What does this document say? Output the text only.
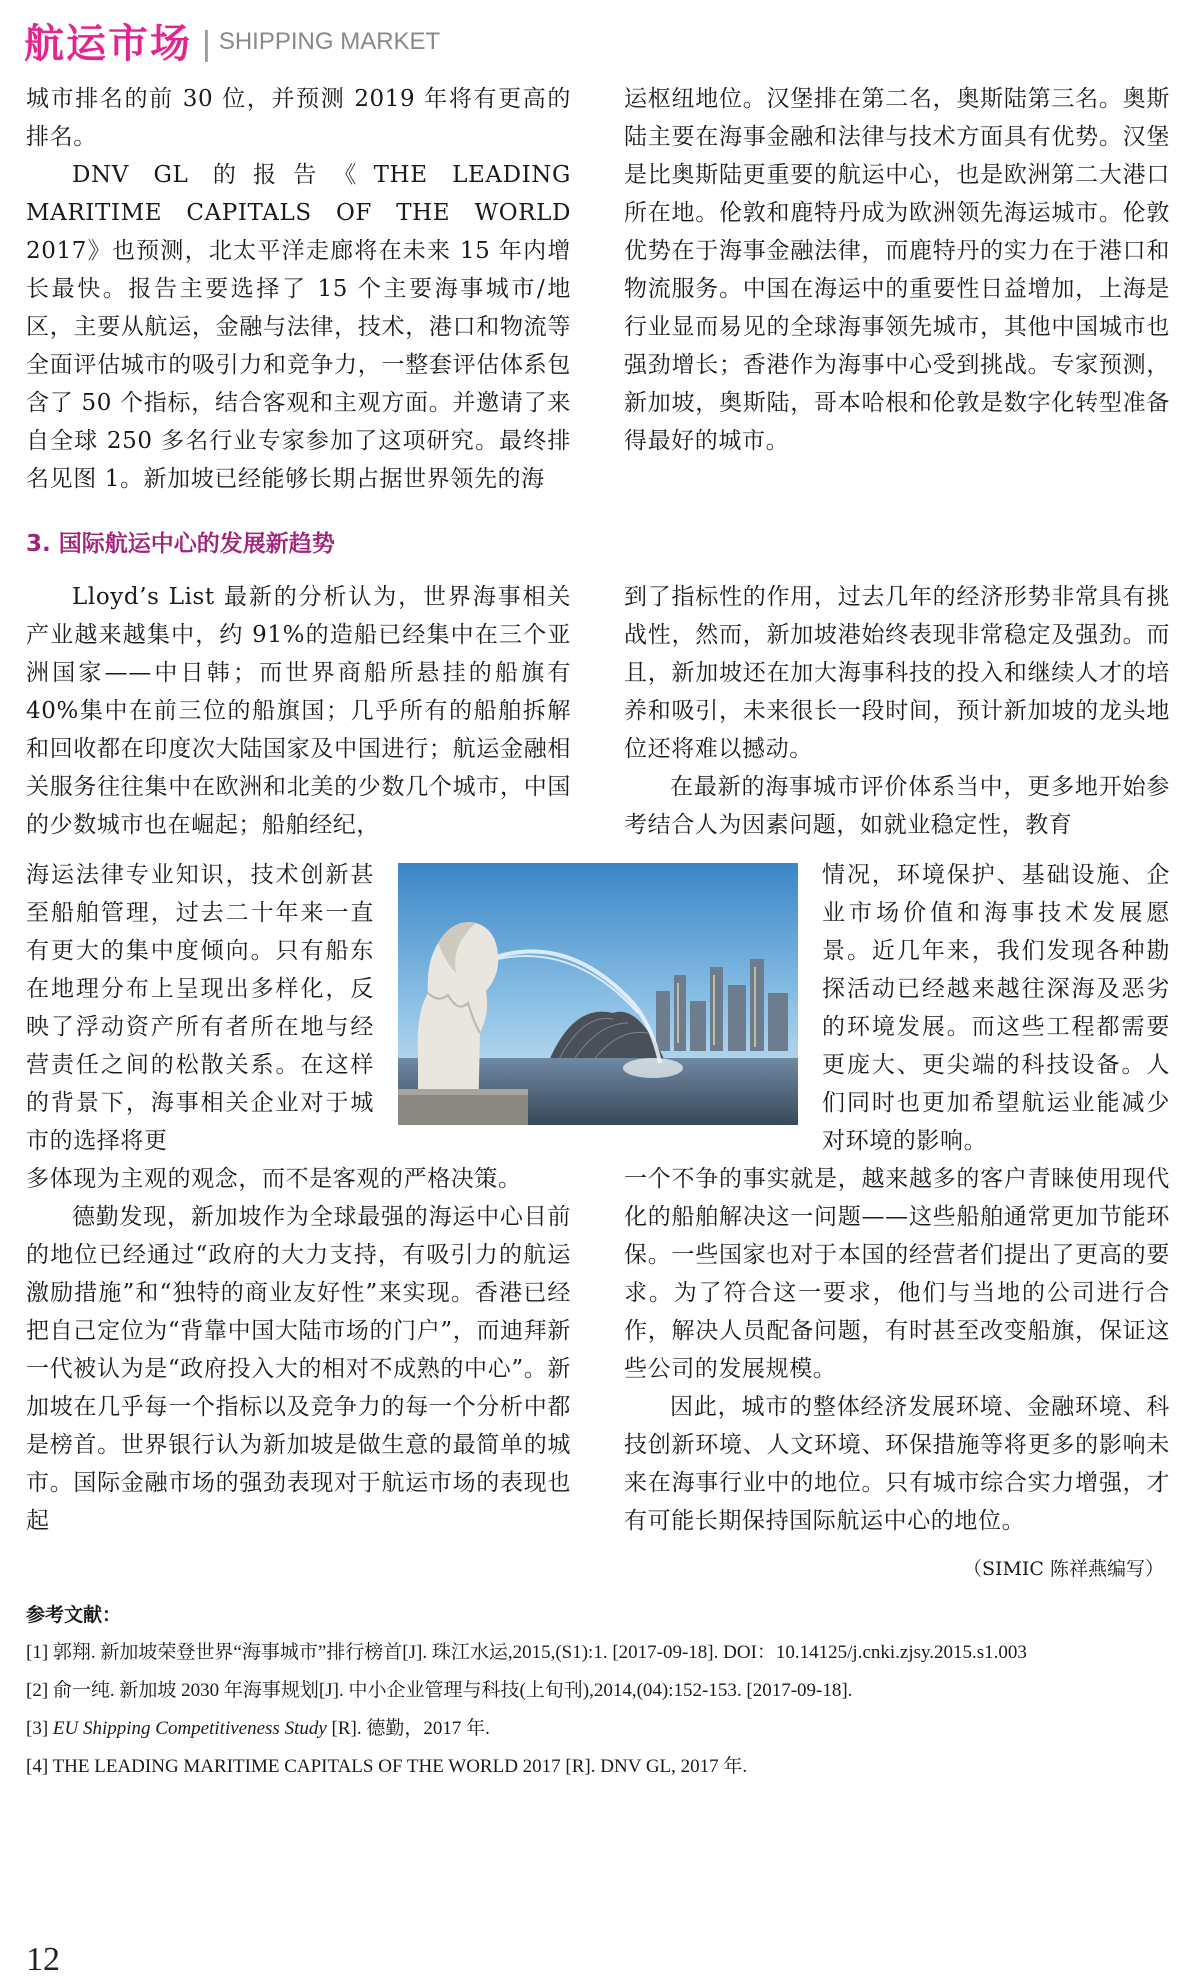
航运市场 | SHIPPING MARKET

城市排名的前 30 位，并预测 2019 年将有更高的排名。

DNV GL 的报告《THE LEADING MARITIME CAPITALS OF THE WORLD 2017》也预测，北太平洋走廊将在未来 15 年内增长最快。报告主要选择了 15 个主要海事城市/地区，主要从航运，金融与法律，技术，港口和物流等全面评估城市的吸引力和竞争力，一整套评估体系包含了 50 个指标，结合客观和主观方面。并邀请了来自全球 250 多名行业专家参加了这项研究。最终排名见图 1。新加坡已经能够长期占据世界领先的海

运枢纽地位。汉堡排在第二名，奥斯陆第三名。奥斯陆主要在海事金融和法律与技术方面具有优势。汉堡是比奥斯陆更重要的航运中心，也是欧洲第二大港口所在地。伦敦和鹿特丹成为欧洲领先海运城市。伦敦优势在于海事金融法律，而鹿特丹的实力在于港口和物流服务。中国在海运中的重要性日益增加，上海是行业显而易见的全球海事领先城市，其他中国城市也强劲增长；香港作为海事中心受到挑战。专家预测，新加坡，奥斯陆，哥本哈根和伦敦是数字化转型准备得最好的城市。

3. 国际航运中心的发展新趋势

Lloyd’s List 最新的分析认为，世界海事相关产业越来越集中，约 91%的造船已经集中在三个亚洲国家——中日韩；而世界商船所悬挂的船旗有 40%集中在前三位的船旗国；几乎所有的船舶拆解和回收都在印度次大陆国家及中国进行；航运金融相关服务往往集中在欧洲和北美的少数几个城市，中国的少数城市也在崛起；船舶经纪，

海运法律专业知识，技术创新甚至船舶管理，过去二十年来一直有更大的集中度倾向。只有船东在地理分布上呈现出多样化，反映了浮动资产所有者所在地与经营责任之间的松散关系。在这样的背景下，海事相关企业对于城市的选择将更

多体现为主观的观念，而不是客观的严格决策。

德勤发现，新加坡作为全球最强的海运中心目前的地位已经通过“政府的大力支持，有吸引力的航运激励措施”和“独特的商业友好性”来实现。香港已经把自己定位为“背靠中国大陆市场的门户”，而迪拜新一代被认为是“政府投入大的相对不成熟的中心”。新加坡在几乎每一个指标以及竞争力的每一个分析中都是榜首。世界银行认为新加坡是做生意的最简单的城市。国际金融市场的强劲表现对于航运市场的表现也起

到了指标性的作用，过去几年的经济形势非常具有挑战性，然而，新加坡港始终表现非常稳定及强劲。而且，新加坡还在加大海事科技的投入和继续人才的培养和吸引，未来很长一段时间，预计新加坡的龙头地位还将难以撼动。

在最新的海事城市评价体系当中，更多地开始参考结合人为因素问题，如就业稳定性，教育

情况，环境保护、基础设施、企业市场价值和海事技术发展愿景。近几年来，我们发现各种勘探活动已经越来越往深海及恶劣的环境发展。而这些工程都需要更庞大、更尖端的科技设备。人们同时也更加希望航运业能减少对环境的影响。

一个不争的事实就是，越来越多的客户青睐使用现代化的船舶解决这一问题——这些船舶通常更加节能环保。一些国家也对于本国的经营者们提出了更高的要求。为了符合这一要求，他们与当地的公司进行合作，解决人员配备问题，有时甚至改变船旗，保证这些公司的发展规模。

因此，城市的整体经济发展环境、金融环境、科技创新环境、人文环境、环保措施等将更多的影响未来在海事行业中的地位。只有城市综合实力增强，才有可能长期保持国际航运中心的地位。

（SIMIC 陈祥燕编写）

参考文献：

[1] 郭翔. 新加坡荣登世界“海事城市”排行榜首[J]. 珠江水运,2015,(S1):1. [2017-09-18]. DOI：10.14125/j.cnki.zjsy.2015.s1.003

[2] 俞一纯. 新加坡 2030 年海事规划[J]. 中小企业管理与科技(上旬刊),2014,(04):152-153. [2017-09-18].

[3] EU Shipping Competitiveness Study [R]. 德勤，2017 年.

[4] THE LEADING MARITIME CAPITALS OF THE WORLD 2017 [R]. DNV GL, 2017 年.

12
